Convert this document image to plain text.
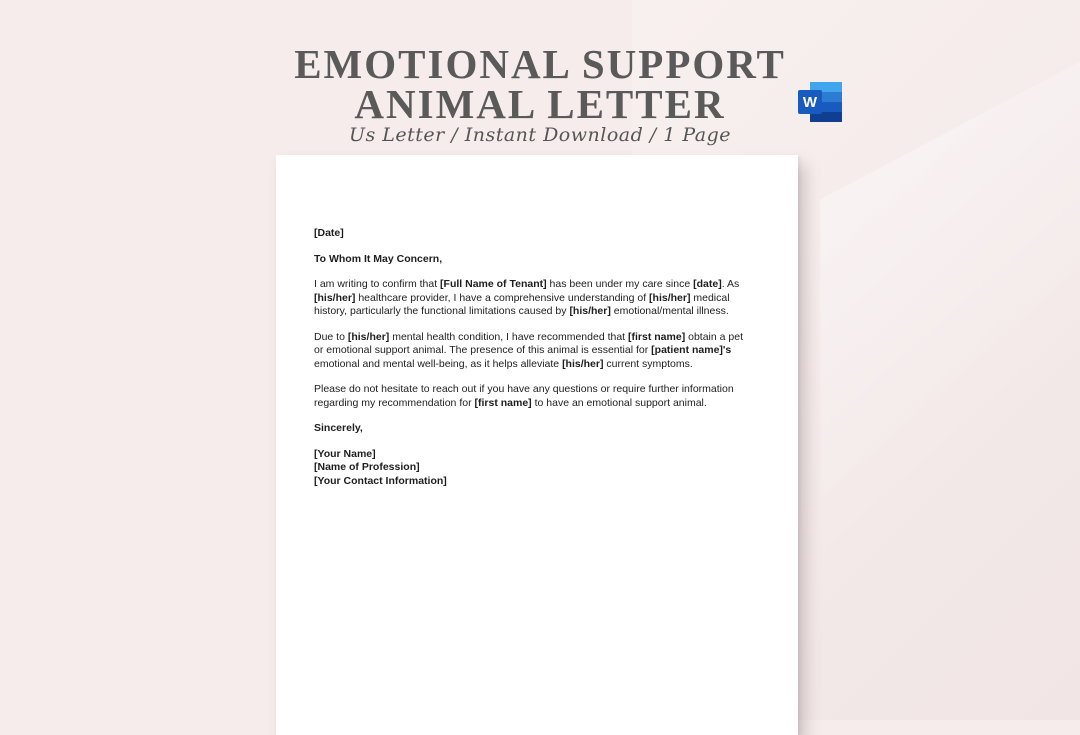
EMOTIONAL SUPPORT
ANIMAL LETTER
Us Letter / Instant Download / 1 Page
W

[Date]

To Whom It May Concern,

I am writing to confirm that [Full Name of Tenant] has been under my care since [date]. As [his/her] healthcare provider, I have a comprehensive understanding of [his/her] medical history, particularly the functional limitations caused by [his/her] emotional/mental illness.

Due to [his/her] mental health condition, I have recommended that [first name] obtain a pet or emotional support animal. The presence of this animal is essential for [patient name]'s emotional and mental well-being, as it helps alleviate [his/her] current symptoms.

Please do not hesitate to reach out if you have any questions or require further information regarding my recommendation for [first name] to have an emotional support animal.

Sincerely,

[Your Name]
[Name of Profession]
[Your Contact Information]
